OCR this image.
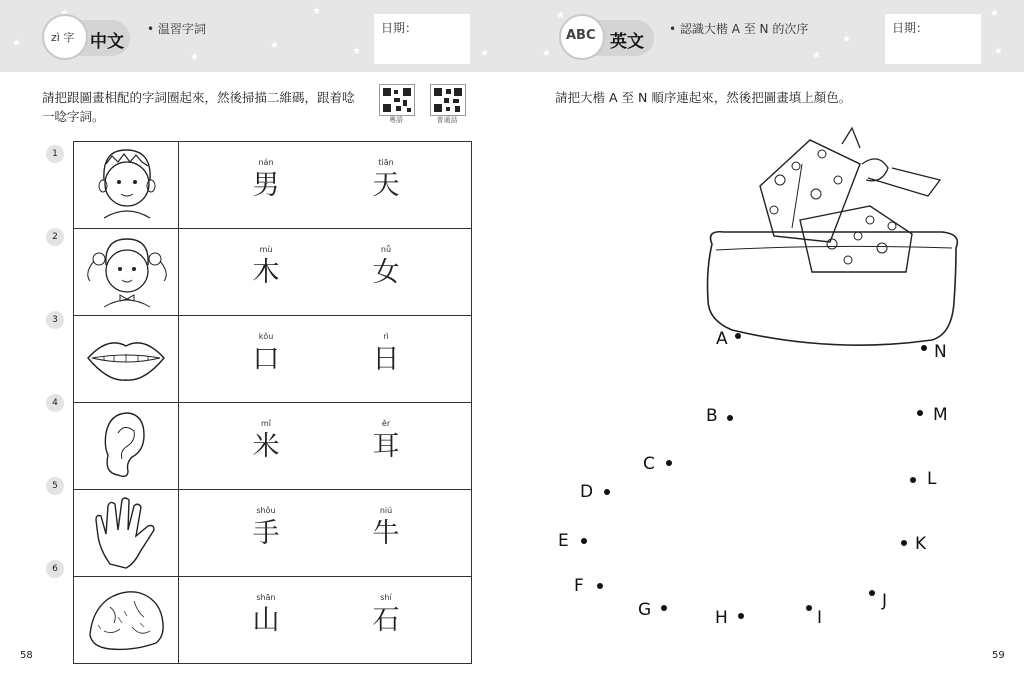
★	★
★
★
★	★
zì 字 中文
• 温習字詞	日期：
請把跟圖畫相配的字詞圈起來，然後掃描二維碼，跟着唸一唸字詞。	粵語	普通話
1
2
3
4
5
6

nán
男
tiān
天

mù
木
nǚ
女

kǒu
口
rì
日

mǐ
米
ěr
耳

shǒu
手
niú
牛

shān
山
shí
石
58
★
★
★
★
★
★
ABC 英文
• 認識大楷 A 至 N 的次序	日期：
請把大楷 A 至 N 順序連起來，然後把圖畫填上顏色。
A
B
C
D
E
F
G	H	I
J
K
L
M
N
59
